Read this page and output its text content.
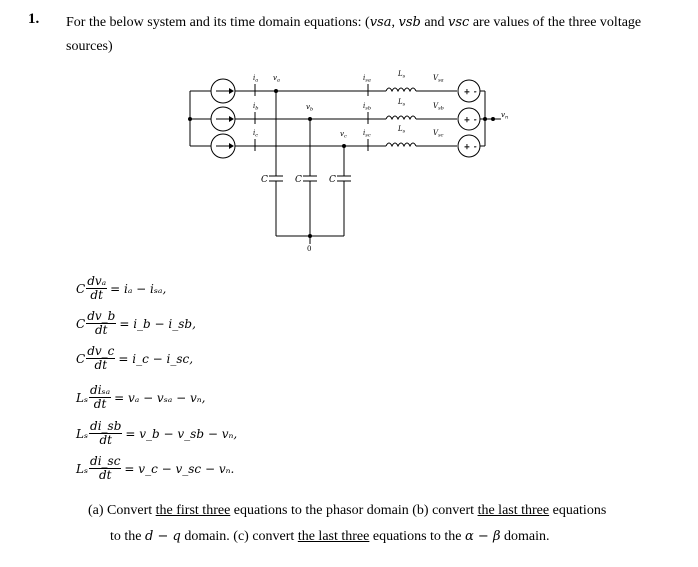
1. For the below system and its time domain equations: (vsa, vsb and vsc are values of the three voltage sources)
+ -
+ -
+ -
$i_a$ $v_a$
$i_b$	$v_b$
$i_c$	$v_c$
$i_{sa}$
$i_{sb}$
$i_{sc}$
$L_s$
$L_s$
$L_s$
$V_{sa}$
$V_{sb}$
$V_{sc}$
$v_n$
C	C	C
0
C $\frac{\text{dvₐ}}{dt} = i_a - i_{sa}$,
C $\frac{dv\_b}{dt}$ = i_b − i_sb,
C $\frac{dv\_c}{dt}$ = i_c − i_sc,
Lₛ $\frac{\text{diₛₐ}}{dt} = v_a - v_{sa} - v_n$,
Lₛ $\frac{di\_sb}{dt}$ = v_b − v_sb − vₙ,
Lₛ $\frac{di\_sc}{dt}$ = v_c − v_sc − vₙ.
(a) Convert the first three equations to the phasor domain (b) convert the last three equations
to the d − q domain. (c) convert the last three equations to the α − β domain.
